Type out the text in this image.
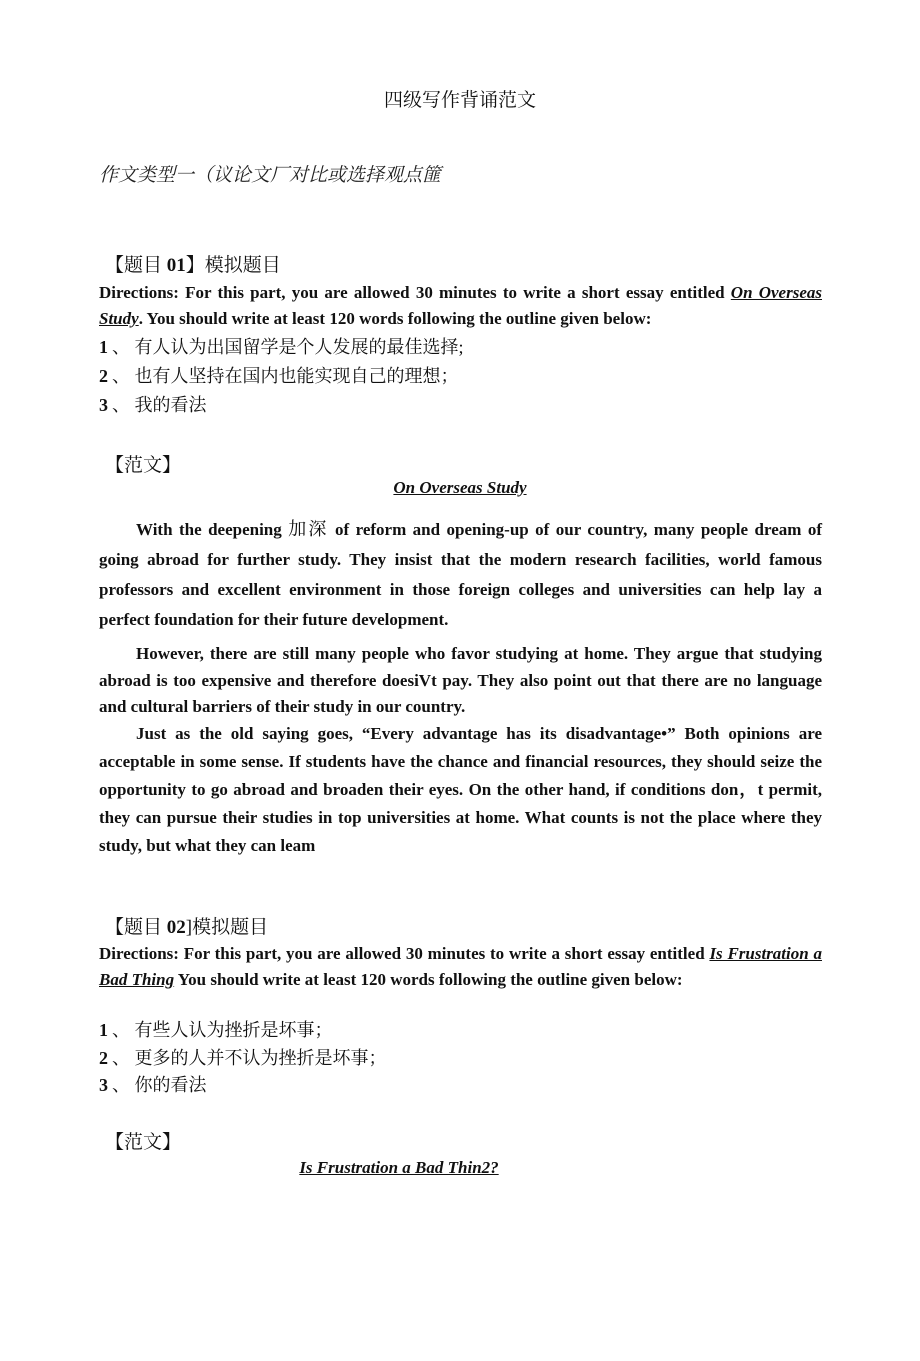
四级写作背诵范文
作文类型一（议论文厂对比或选择观点篚
【题目 01】模拟题目
Directions: For this part, you are allowed 30 minutes to write a short essay entitled On Overseas Study. You should write at least 120 words following the outline given below:
1 、 有人认为出国留学是个人发展的最佳选择;
2 、 也有人坚持在国内也能实现自己的理想；
3 、 我的看法
【范文】
On Overseas Study
With the deepening 加深 of reform and opening-up of our country, many people dream of going abroad for further study. They insist that the modern research facilities, world famous professors and excellent environment in those foreign colleges and universities can help lay a perfect foundation for their future development.
However, there are still many people who favor studying at home. They argue that studying abroad is too expensive and therefore doesiVt pay. They also point out that there are no language and cultural barriers of their study in our country.
Just as the old saying goes, “Every advantage has its disadvantage•” Both opinions are acceptable in some sense. If students have the chance and financial resources, they should seize the opportunity to go abroad and broaden their eyes. On the other hand, if conditions don，t permit, they can pursue their studies in top universities at home. What counts is not the place where they study, but what they can leam
【题目 02]模拟题目
Directions: For this part, you are allowed 30 minutes to write a short essay entitled Is Frustration a Bad Thing You should write at least 120 words following the outline given below:
1 、 有些人认为挫折是坏事；
2 、 更多的人并不认为挫折是坏事；
3 、 你的看法
【范文】
Is Frustration a Bad Thin2?
